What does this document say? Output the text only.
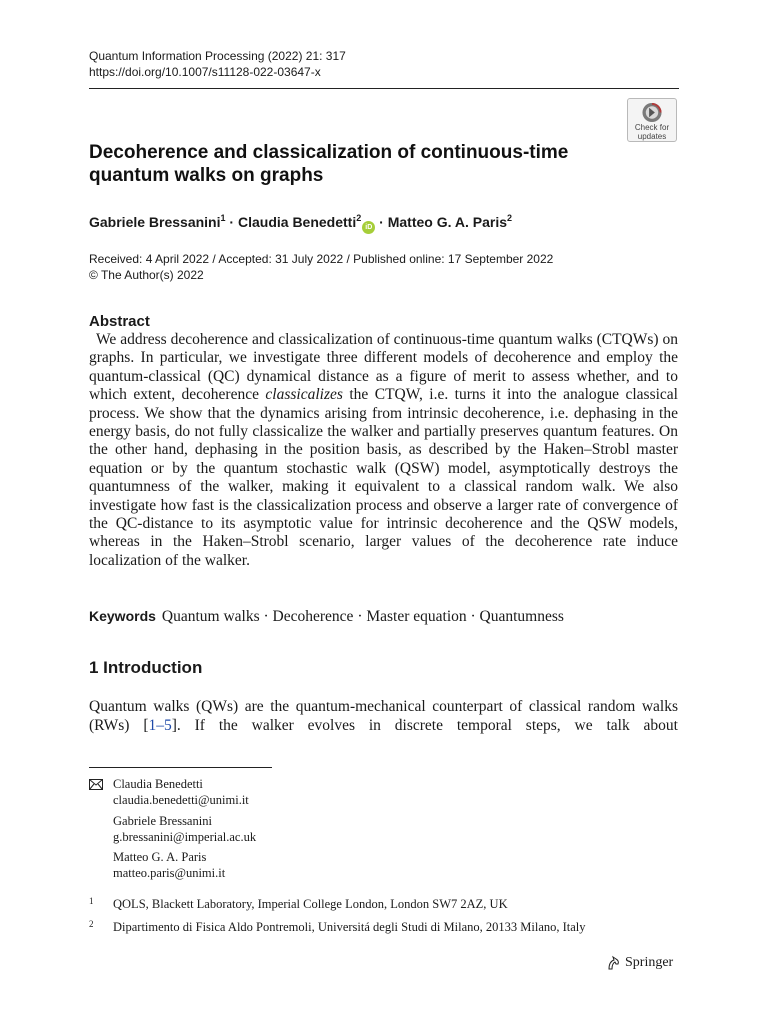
Quantum Information Processing (2022) 21: 317
https://doi.org/10.1007/s11128-022-03647-x
Check for
updates
Decoherence and classicalization of continuous-time
quantum walks on graphs
Gabriele Bressanini$^1$ · Claudia Benedetti$^2$iD · Matteo G. A. Paris$^2$
Received: 4 April 2022 / Accepted: 31 July 2022 / Published online: 17 September 2022
© The Author(s) 2022
Abstract
We address decoherence and classicalization of continuous-time quantum walks (CTQWs) on graphs. In particular, we investigate three different models of decoherence and employ the quantum-classical (QC) dynamical distance as a figure of merit to assess whether, and to which extent, decoherence classicalizes the CTQW, i.e. turns it into the analogue classical process. We show that the dynamics arising from intrinsic decoherence, i.e. dephasing in the energy basis, do not fully classicalize the walker and partially preserves quantum features. On the other hand, dephasing in the position basis, as described by the Haken–Strobl master equation or by the quantum stochastic walk (QSW) model, asymptotically destroys the quantumness of the walker, making it equivalent to a classical random walk. We also investigate how fast is the classicalization process and observe a larger rate of convergence of the QC-distance to its asymptotic value for intrinsic decoherence and the QSW models, whereas in the Haken–Strobl scenario, larger values of the decoherence rate induce localization of the walker.
Keywords Quantum walks · Decoherence · Master equation · Quantumness
1 Introduction
Quantum walks (QWs) are the quantum-mechanical counterpart of classical random walks (RWs) [1–5]. If the walker evolves in discrete temporal steps, we talk about
Claudia Benedetti
claudia.benedetti@unimi.it
Gabriele Bressanini
g.bressanini@imperial.ac.uk
Matteo G. A. Paris
matteo.paris@unimi.it
1 QOLS, Blackett Laboratory, Imperial College London, London SW7 2AZ, UK
2 Dipartimento di Fisica Aldo Pontremoli, Universitá degli Studi di Milano, 20133 Milano, Italy
Springer
